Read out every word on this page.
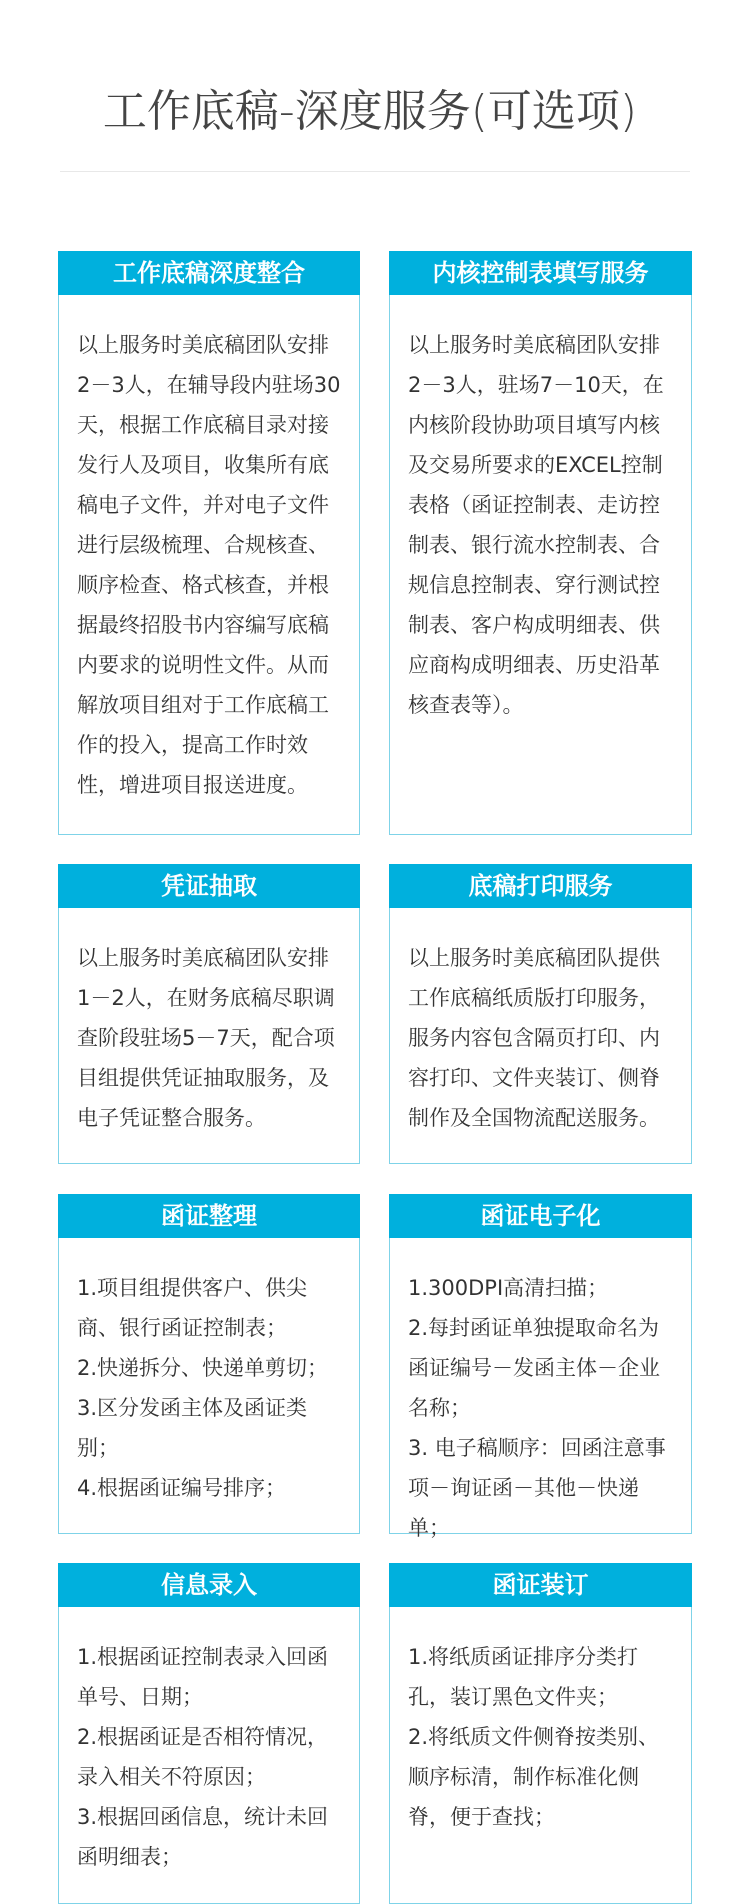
工作底稿-深度服务(可选项)
工作底稿深度整合

以上服务时美底稿团队安排2－3人，在辅导段内驻场30天，根据工作底稿目录对接发行人及项目，收集所有底稿电子文件，并对电子文件进行层级梳理、合规核查、顺序检查、格式核查，并根据最终招股书内容编写底稿内要求的说明性文件。从而解放项目组对于工作底稿工作的投入，提高工作时效性，增进项目报送进度。

内核控制表填写服务

以上服务时美底稿团队安排2－3人，驻场7－10天，在内核阶段协助项目填写内核及交易所要求的EXCEL控制表格（函证控制表、走访控制表、银行流水控制表、合规信息控制表、穿行测试控制表、客户构成明细表、供应商构成明细表、历史沿革核查表等）。

凭证抽取

以上服务时美底稿团队安排1－2人，在财务底稿尽职调查阶段驻场5－7天，配合项目组提供凭证抽取服务，及电子凭证整合服务。

底稿打印服务

以上服务时美底稿团队提供工作底稿纸质版打印服务，服务内容包含隔页打印、内容打印、文件夹装订、侧脊制作及全国物流配送服务。

函证整理

1.项目组提供客户、供尖商、银行函证控制表；

2.快递拆分、快递单剪切；

3.区分发函主体及函证类别；

4.根据函证编号排序；

函证电子化

1.300DPI高清扫描；

2.每封函证单独提取命名为函证编号－发函主体－企业名称；

3. 电子稿顺序：回函注意事项－询证函－其他－快递单；

信息录入

1.根据函证控制表录入回函单号、日期；

2.根据函证是否相符情况，录入相关不符原因；

3.根据回函信息，统计未回函明细表；

函证装订

1.将纸质函证排序分类打孔，装订黑色文件夹；

2.将纸质文件侧脊按类别、顺序标清，制作标准化侧脊，便于查找；
